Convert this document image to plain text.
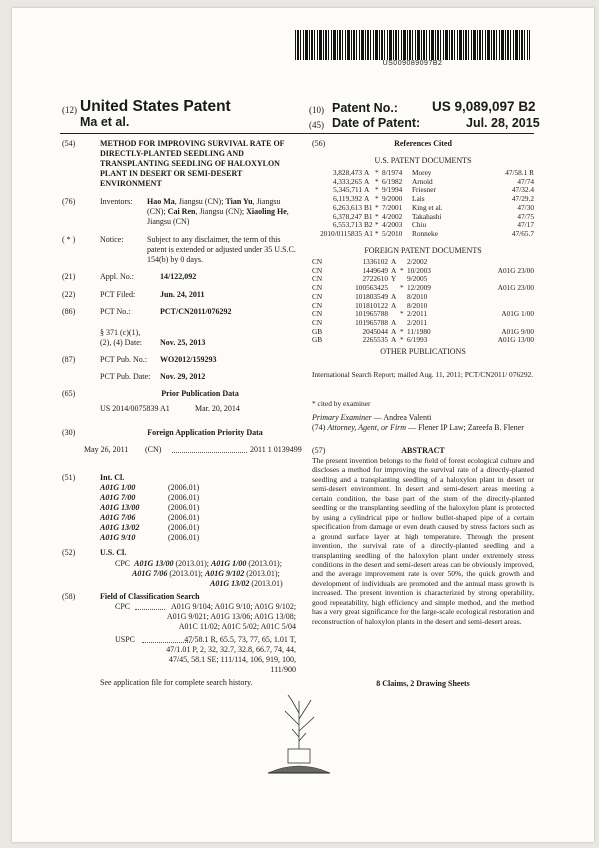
US009089097B2
(12) United States Patent
Ma et al.
(10) Patent No.:	US 9,089,097 B2
(45) Date of Patent:	Jul. 28, 2015
(54)	METHOD FOR IMPROVING SURVIVAL RATE OF DIRECTLY-PLANTED SEEDLING AND TRANSPLANTING SEEDLING OF HALOXYLON PLANT IN DESERT OR SEMI-DESERT ENVIRONMENT
(76)	Inventors: Hao Ma, Jiangsu (CN); Tian Yu, Jiangsu (CN); Cai Ren, Jiangsu (CN); Xiaoling He, Jiangsu (CN)
( * )	Notice:	Subject to any disclaimer, the term of this patent is extended or adjusted under 35 U.S.C. 154(b) by 0 days.
(21)	Appl. No.:	14/122,092
(22)	PCT Filed:	Jun. 24, 2011
(86)	PCT No.:	PCT/CN2011/076292
§ 371 (c)(1),
(2), (4) Date: Nov. 25, 2013
(87)	PCT Pub. No.: WO2012/159293
PCT Pub. Date: Nov. 29, 2012
(65)	Prior Publication Data
US 2014/0075839 A1	Mar. 20, 2014
(30)	Foreign Application Priority Data
May 26, 2011 (CN)	2011 1 0139499
(51)	Int. Cl.
A01G 1/00	(2006.01)
A01G 7/00	(2006.01)
A01G 13/00	(2006.01)
A01G 7/06	(2006.01)
A01G 13/02	(2006.01)
A01G 9/10	(2006.01)
(52)	U.S. Cl.
CPC A01G 13/00 (2013.01); A01G 1/00 (2013.01);
A01G 7/06 (2013.01); A01G 9/102 (2013.01);
A01G 13/02 (2013.01)
(58)	Field of Classification Search
CPC	A01G 9/104; A01G 9/10; A01G 9/102;
A01G 9/021; A01G 13/06; A01G 13/08;
A01C 11/02; A01C 5/02; A01C 5/04
USPC	47/58.1 R, 65.5, 73, 77, 65, 1.01 T,
47/1.01 P, 2, 32, 32.7, 32.8, 66.7, 74, 44,
47/45, 58.1 SE; 111/114, 106, 919, 100,
111/900
See application file for complete search history.
(56)	References Cited
U.S. PATENT DOCUMENTS
3,828,473	A	*	8/1974	Morey	47/58.1 R
4,333,265	A	*	6/1982	Arnold	47/74
5,345,711	A	*	9/1994	Friesner	47/32.4
6,119,392	A	*	9/2000	Lais	47/29.2
6,263,613	B1	*	7/2001	King et al.	47/30
6,378,247	B1	*	4/2002	Takahashi	47/75
6,553,713	B2	*	4/2003	Chiu	47/17
2010/0115835	A1	*	5/2010	Ronneke	47/65.7
FOREIGN PATENT DOCUMENTS
CN	1336102	A		2/2002	
CN	1449649	A	*	10/2003	A01G 23/00
CN	2722610	Y		9/2005	
CN	100563425		*	12/2009	A01G 23/00
CN	101803549	A		8/2010	
CN	101810122	A		8/2010	
CN	101965788		*	2/2011	A01G 1/00
CN	101965788	A		2/2011	
GB	2045044	A	*	11/1980	A01G 9/00
GB	2265535	A	*	6/1993	A01G 13/00
OTHER PUBLICATIONS
International Search Report; mailed Aug. 11, 2011; PCT/CN2011/ 076292.
* cited by examiner
Primary Examiner — Andrea Valenti
(74) Attorney, Agent, or Firm — Flener IP Law; Zareefa B. Flener
(57)	ABSTRACT
The present invention belongs to the field of forest ecological culture and discloses a method for improving the survival rate of a directly-planted seedling and a transplanting seedling of a haloxylon plant in desert or semi-desert environment. In desert and semi-desert areas meeting a certain condition, the base part of the stem of the directly-planted seedling or the transplanting seedling of the haloxylon plant is protected by using a cylindrical pipe or hollow bullet-shaped pipe of a certain specification from damage or even death caused by stress factors such as a ground surface layer at high temperature. Through the present invention, the survival rate of a directly-planted seedling and a transplanting seedling of the haloxylon plant under extremely stress conditions in the desert and semi-desert areas can be obviously improved, and the average improvement rate is over 50%, the quick growth and development of individuals are promoted and the annual mass growth is increased. The present invention is characterized by strong operability, good repeatability, high efficiency and simple method, and the method has a very great significance for the large-scale ecological restoration and reconstruction of haloxylon plants in the desert and semi-desert areas.
8 Claims, 2 Drawing Sheets
